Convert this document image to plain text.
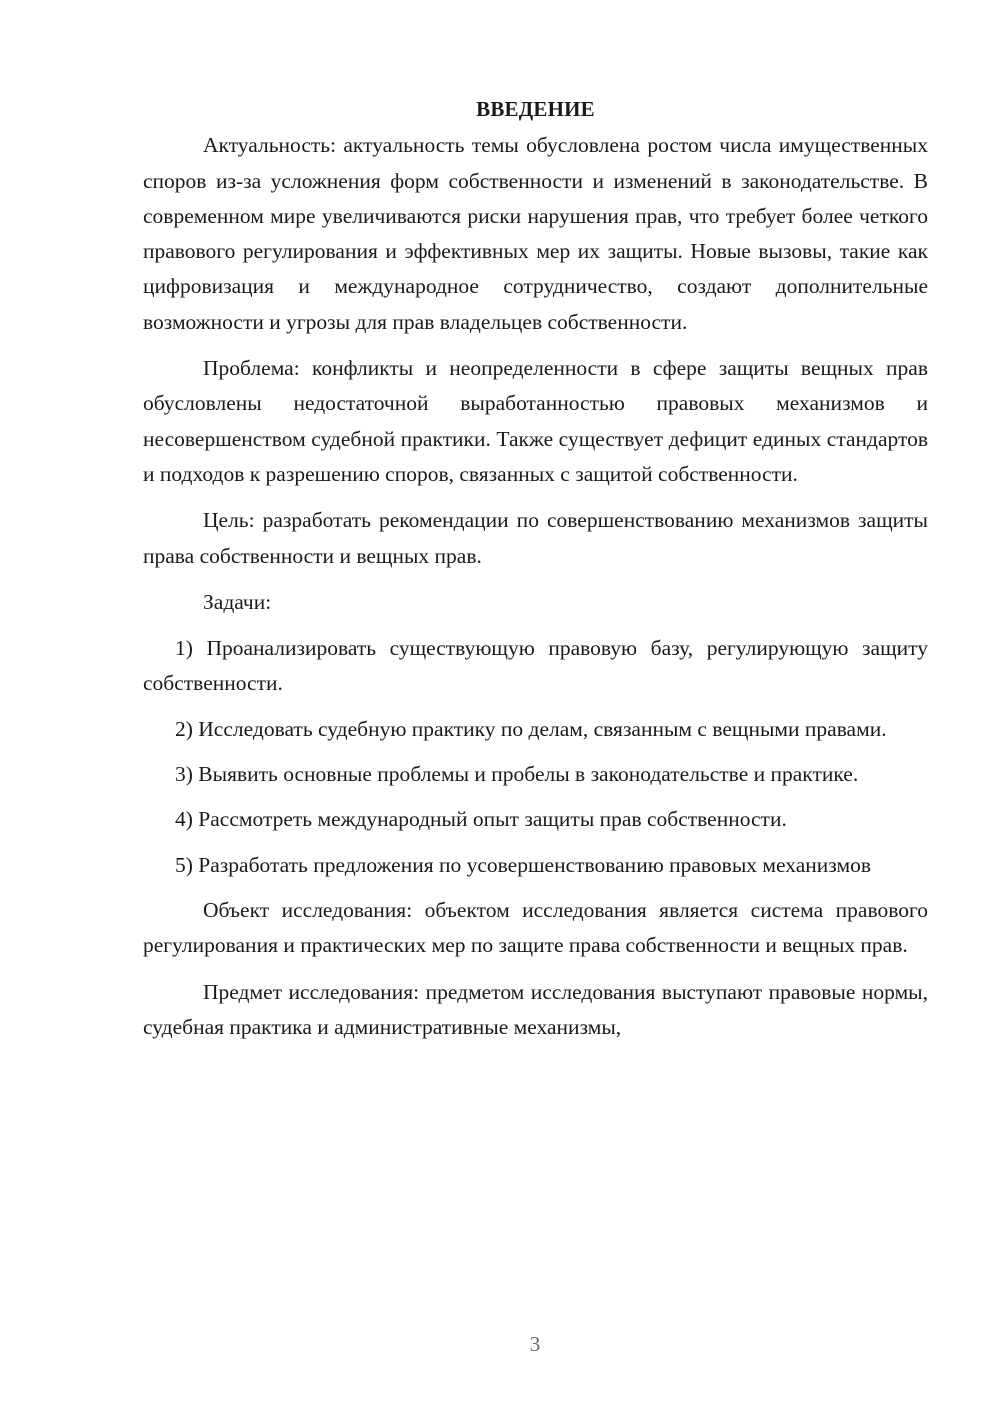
ВВЕДЕНИЕ

Актуальность: актуальность темы обусловлена ростом числа имущественных споров из-за усложнения форм собственности и изменений в законодательстве. В современном мире увеличиваются риски нарушения прав, что требует более четкого правового регулирования и эффективных мер их защиты. Новые вызовы, такие как цифровизация и международное сотрудничество, создают дополнительные возможности и угрозы для прав владельцев собственности.

Проблема: конфликты и неопределенности в сфере защиты вещных прав обусловлены недостаточной выработанностью правовых механизмов и несовершенством судебной практики. Также существует дефицит единых стандартов и подходов к разрешению споров, связанных с защитой собственности.

Цель: разработать рекомендации по совершенствованию механизмов защиты права собственности и вещных прав.

Задачи:

1) Проанализировать существующую правовую базу, регулирующую защиту собственности.

2) Исследовать судебную практику по делам, связанным с вещными правами.

3) Выявить основные проблемы и пробелы в законодательстве и практике.

4) Рассмотреть международный опыт защиты прав собственности.

5) Разработать предложения по усовершенствованию правовых механизмов

Объект исследования: объектом исследования является система правового регулирования и практических мер по защите права собственности и вещных прав.

Предмет исследования: предметом исследования выступают правовые нормы, судебная практика и административные механизмы,

3
